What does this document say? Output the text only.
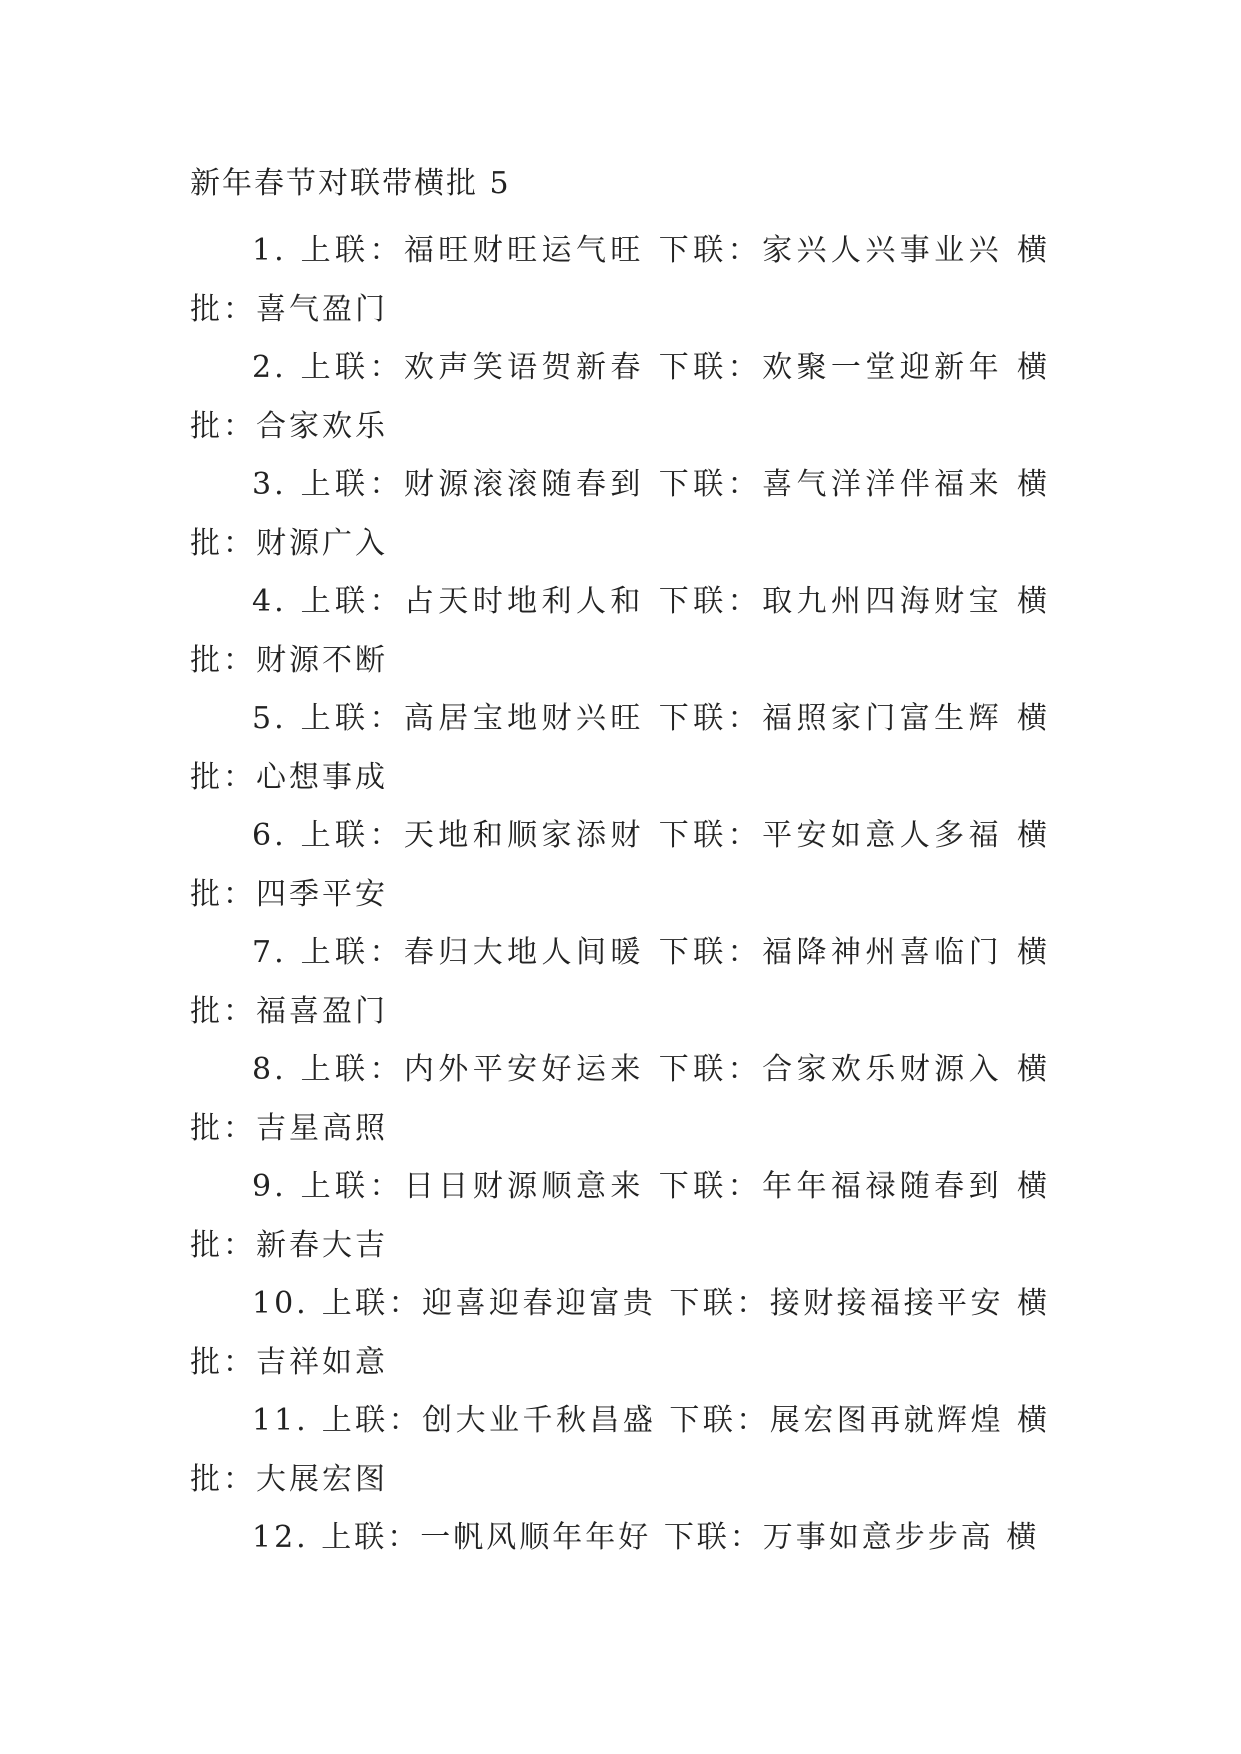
新年春节对联带横批 5

1. 上联：福旺财旺运气旺 下联：家兴人兴事业兴 横批：喜气盈门

2. 上联：欢声笑语贺新春 下联：欢聚一堂迎新年 横批：合家欢乐

3. 上联：财源滚滚随春到 下联：喜气洋洋伴福来 横批：财源广入

4. 上联：占天时地利人和 下联：取九州四海财宝 横批：财源不断

5. 上联：高居宝地财兴旺 下联：福照家门富生辉 横批：心想事成

6. 上联：天地和顺家添财 下联：平安如意人多福 横批：四季平安

7. 上联：春归大地人间暖 下联：福降神州喜临门 横批：福喜盈门

8. 上联：内外平安好运来 下联：合家欢乐财源入 横批：吉星高照

9. 上联：日日财源顺意来 下联：年年福禄随春到 横批：新春大吉

10. 上联：迎喜迎春迎富贵 下联：接财接福接平安 横批：吉祥如意

11. 上联：创大业千秋昌盛 下联：展宏图再就辉煌 横批：大展宏图

12. 上联：一帆风顺年年好 下联：万事如意步步高 横
